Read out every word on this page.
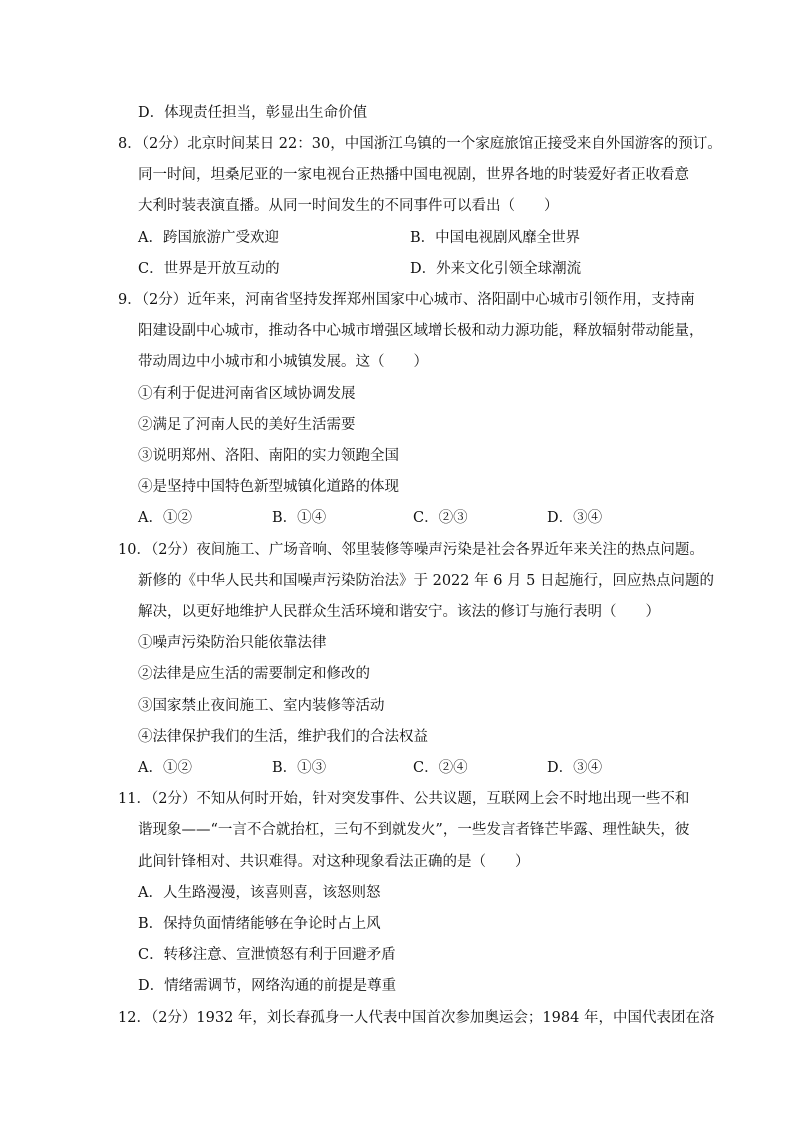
D．体现责任担当，彰显出生命价值
8．（2分）北京时间某日 22：30，中国浙江乌镇的一个家庭旅馆正接受来自外国游客的预订。
同一时间，坦桑尼亚的一家电视台正热播中国电视剧，世界各地的时装爱好者正收看意
大利时装表演直播。从同一时间发生的不同事件可以看出（　　）
A．跨国旅游广受欢迎	B．中国电视剧风靡全世界
C．世界是开放互动的	D．外来文化引领全球潮流
9．（2分）近年来，河南省坚持发挥郑州国家中心城市、洛阳副中心城市引领作用，支持南
阳建设副中心城市，推动各中心城市增强区域增长极和动力源功能，释放辐射带动能量，
带动周边中小城市和小城镇发展。这（　　）
①有利于促进河南省区域协调发展
②满足了河南人民的美好生活需要
③说明郑州、洛阳、南阳的实力领跑全国
④是坚持中国特色新型城镇化道路的体现
A．①②	B．①④	C．②③	D．③④
10．（2分）夜间施工、广场音响、邻里装修等噪声污染是社会各界近年来关注的热点问题。
新修的《中华人民共和国噪声污染防治法》于 2022 年 6 月 5 日起施行，回应热点问题的
解决，以更好地维护人民群众生活环境和谐安宁。该法的修订与施行表明（　　）
①噪声污染防治只能依靠法律
②法律是应生活的需要制定和修改的
③国家禁止夜间施工、室内装修等活动
④法律保护我们的生活，维护我们的合法权益
A．①②	B．①③	C．②④	D．③④
11．（2分）不知从何时开始，针对突发事件、公共议题，互联网上会不时地出现一些不和
谐现象——“一言不合就抬杠，三句不到就发火”，一些发言者锋芒毕露、理性缺失，彼
此间针锋相对、共识难得。对这种现象看法正确的是（　　）
A．人生路漫漫，该喜则喜，该怒则怒
B．保持负面情绪能够在争论时占上风
C．转移注意、宣泄愤怒有利于回避矛盾
D．情绪需调节，网络沟通的前提是尊重
12．（2分）1932 年，刘长春孤身一人代表中国首次参加奥运会；1984 年，中国代表团在洛
